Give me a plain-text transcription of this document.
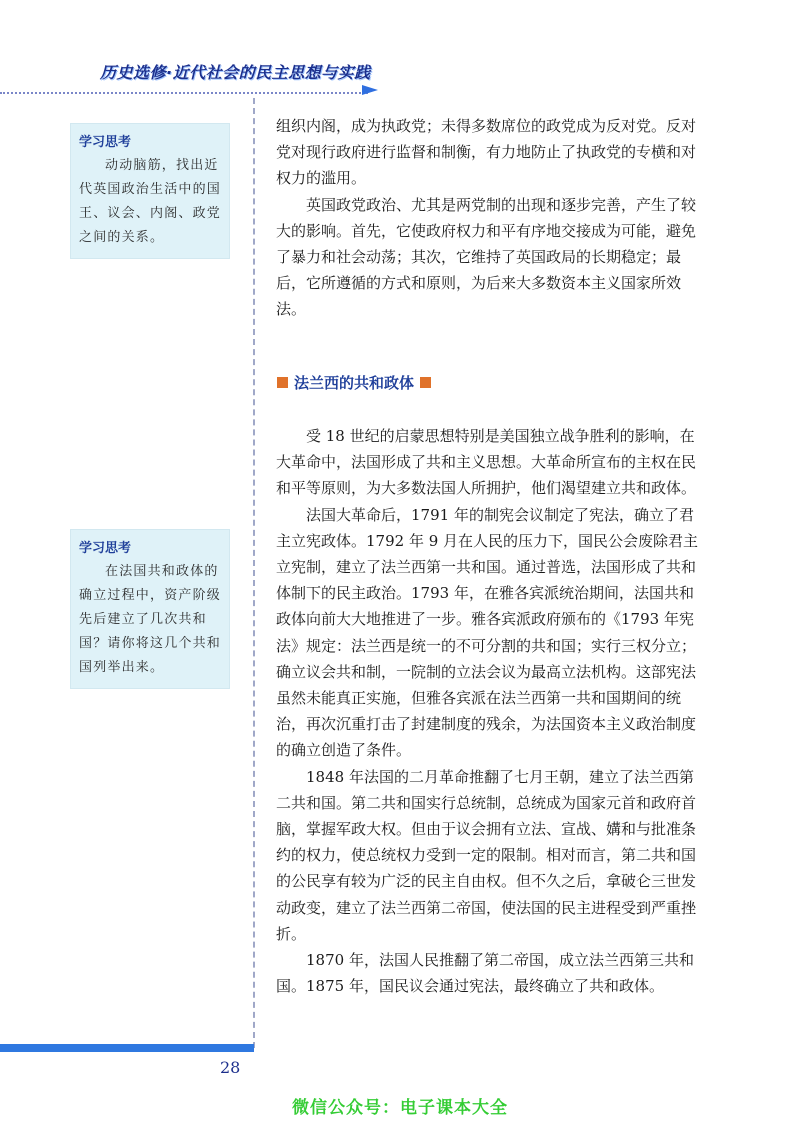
历史选修·近代社会的民主思想与实践
学习思考
动动脑筋，找出近代英国政治生活中的国王、议会、内阁、政党之间的关系。
学习思考
在法国共和政体的确立过程中，资产阶级先后建立了几次共和国？请你将这几个共和国列举出来。

组织内阁，成为执政党；未得多数席位的政党成为反对党。反对党对现行政府进行监督和制衡，有力地防止了执政党的专横和对权力的滥用。

英国政党政治、尤其是两党制的出现和逐步完善，产生了较大的影响。首先，它使政府权力和平有序地交接成为可能，避免了暴力和社会动荡；其次，它维持了英国政局的长期稳定；最后，它所遵循的方式和原则，为后来大多数资本主义国家所效法。

法兰西的共和政体

受 18 世纪的启蒙思想特别是美国独立战争胜利的影响，在大革命中，法国形成了共和主义思想。大革命所宣布的主权在民和平等原则，为大多数法国人所拥护，他们渴望建立共和政体。

法国大革命后，1791 年的制宪会议制定了宪法，确立了君主立宪政体。1792 年 9 月在人民的压力下，国民公会废除君主立宪制，建立了法兰西第一共和国。通过普选，法国形成了共和体制下的民主政治。1793 年，在雅各宾派统治期间，法国共和政体向前大大地推进了一步。雅各宾派政府颁布的《1793 年宪法》规定：法兰西是统一的不可分割的共和国；实行三权分立；确立议会共和制，一院制的立法会议为最高立法机构。这部宪法虽然未能真正实施，但雅各宾派在法兰西第一共和国期间的统治，再次沉重打击了封建制度的残余，为法国资本主义政治制度的确立创造了条件。

1848 年法国的二月革命推翻了七月王朝，建立了法兰西第二共和国。第二共和国实行总统制，总统成为国家元首和政府首脑，掌握军政大权。但由于议会拥有立法、宣战、媾和与批准条约的权力，使总统权力受到一定的限制。相对而言，第二共和国的公民享有较为广泛的民主自由权。但不久之后，拿破仑三世发动政变，建立了法兰西第二帝国，使法国的民主进程受到严重挫折。

1870 年，法国人民推翻了第二帝国，成立法兰西第三共和国。1875 年，国民议会通过宪法，最终确立了共和政体。

28
微信公众号：电子课本大全
